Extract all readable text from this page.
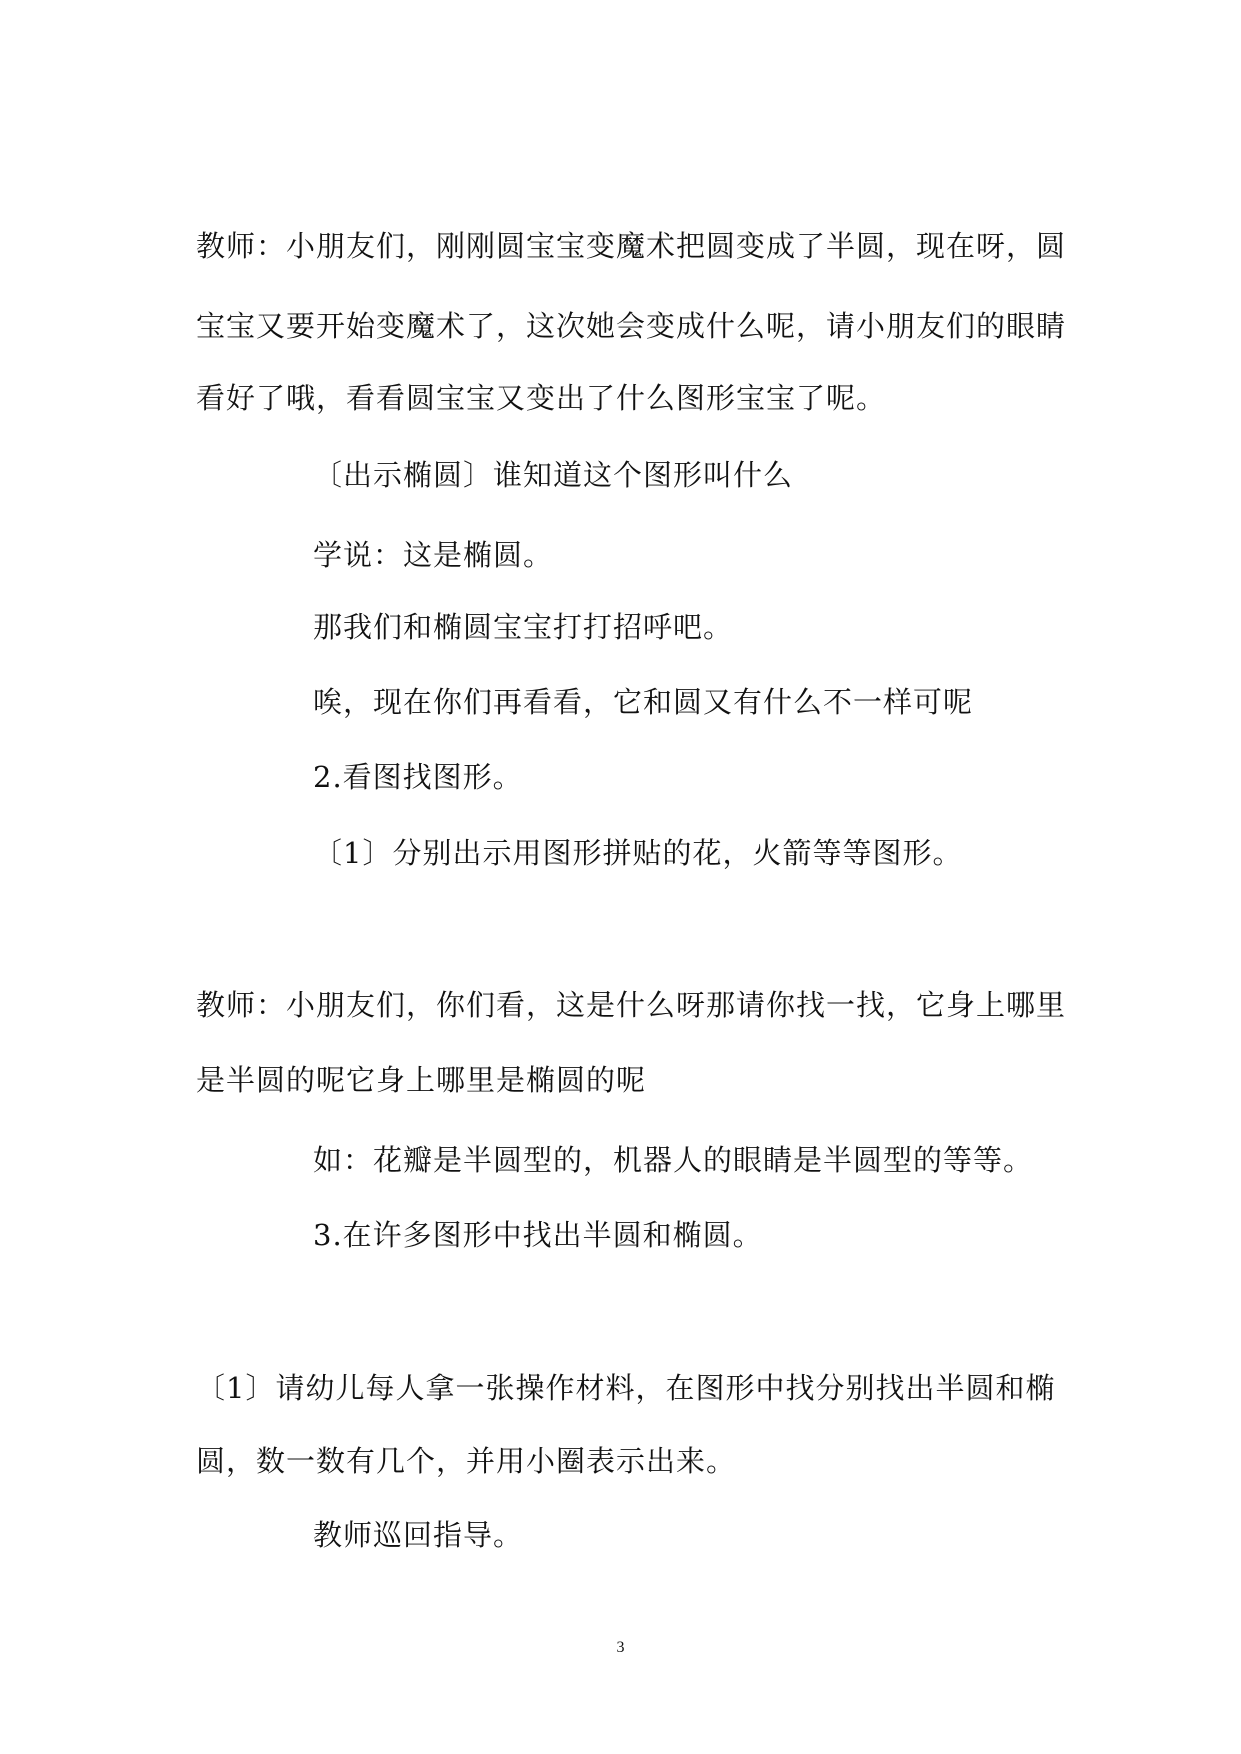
教师：小朋友们，刚刚圆宝宝变魔术把圆变成了半圆，现在呀，圆
宝宝又要开始变魔术了，这次她会变成什么呢，请小朋友们的眼睛
看好了哦，看看圆宝宝又变出了什么图形宝宝了呢。
〔出示椭圆〕谁知道这个图形叫什么
学说：这是椭圆。
那我们和椭圆宝宝打打招呼吧。
唉，现在你们再看看，它和圆又有什么不一样可呢
2.看图找图形。
〔1〕分别出示用图形拼贴的花，火箭等等图形。
教师：小朋友们，你们看，这是什么呀那请你找一找，它身上哪里
是半圆的呢它身上哪里是椭圆的呢
如：花瓣是半圆型的，机器人的眼睛是半圆型的等等。
3.在许多图形中找出半圆和椭圆。
〔1〕请幼儿每人拿一张操作材料，在图形中找分别找出半圆和椭
圆，数一数有几个，并用小圈表示出来。
教师巡回指导。
3
